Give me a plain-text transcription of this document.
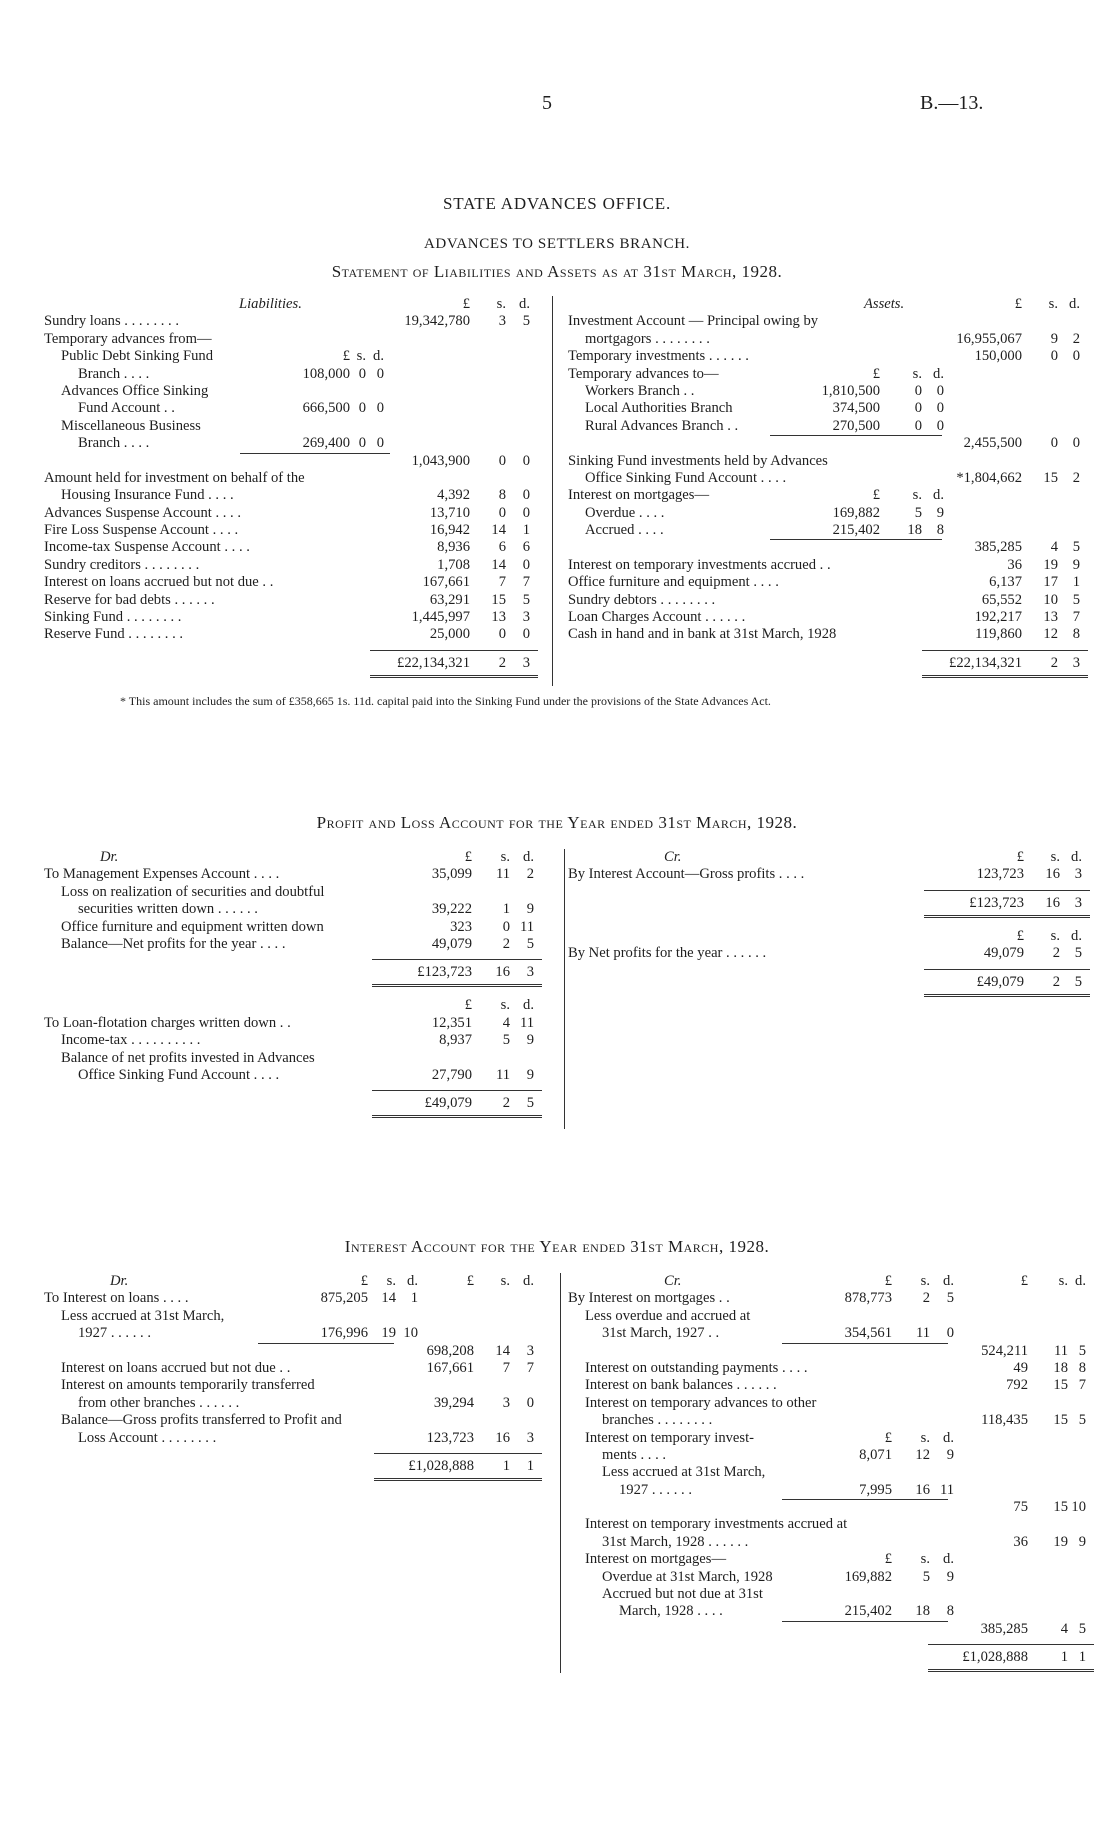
5	B.—13.
STATE ADVANCES OFFICE.
ADVANCES TO SETTLERS BRANCH.
Statement of Liabilities and Assets as at 31st March, 1928.
Liabilities.	£	s. d.
Sundry loans . . . . . . . .	19,342,780	3	5
Temporary advances from—
Public Debt Sinking Fund	£ s. d.
Branch . . . .	108,000 0 0
Advances Office Sinking
Fund Account . .	666,500 0 0
Miscellaneous Business
Branch . . . .	269,400 0 0
1,043,900	0	0
Amount held for investment on behalf of the
Housing Insurance Fund . . . .	4,392	8	0
Advances Suspense Account . . . .	13,710	0	0
Fire Loss Suspense Account . . . .	16,942	14	1
Income-tax Suspense Account . . . .	8,936	6	6
Sundry creditors . . . . . . . .	1,708	14	0
Interest on loans accrued but not due . .	167,661	7	7
Reserve for bad debts . . . . . .	63,291	15	5
Sinking Fund . . . . . . . .	1,445,997	13	3
Reserve Fund . . . . . . . .	25,000	0	0
£22,134,321	2	3
Assets.	£	s. d.
Investment Account — Principal owing by
mortgagors . . . . . . . .	16,955,067	9	2
Temporary investments . . . . . .	150,000	0	0
Temporary advances to—	£	s. d.
Workers Branch . .	1,810,500	0	0
Local Authorities Branch	374,500	0	0
Rural Advances Branch . .	270,500	0	0
2,455,500	0	0
Sinking Fund investments held by Advances
Office Sinking Fund Account . . . .	*1,804,662	15	2
Interest on mortgages—	£	s. d.
Overdue . . . .	169,882	5	9
Accrued . . . .	215,402	18	8
385,285	4	5
Interest on temporary investments accrued . .	36	19	9
Office furniture and equipment . . . .	6,137	17	1
Sundry debtors . . . . . . . .	65,552	10	5
Loan Charges Account . . . . . .	192,217	13	7
Cash in hand and in bank at 31st March, 1928	119,860	12	8
£22,134,321	2	3
* This amount includes the sum of £358,665 1s. 11d. capital paid into the Sinking Fund under the provisions of the State Advances Act.
Profit and Loss Account for the Year ended 31st March, 1928.
Dr.	£	s. d.
To Management Expenses Account . . . .	35,099	11	2
Loss on realization of securities and doubtful
securities written down . . . . . .	39,222	1	9
Office furniture and equipment written down	323	0 11
Balance—Net profits for the year . . . .	49,079	2	5
£123,723	16	3
£	s. d.
To Loan-flotation charges written down . .	12,351	4 11
Income-tax . . . . . . . . . .	8,937	5	9
Balance of net profits invested in Advances
Office Sinking Fund Account . . . .	27,790	11	9
£49,079	2	5
Cr.	£	s. d.
By Interest Account—Gross profits . . . .	123,723	16	3
£123,723	16	3
£	s. d.
By Net profits for the year . . . . . .	49,079	2	5
£49,079	2	5
Interest Account for the Year ended 31st March, 1928.
Dr.	£	s. d.
£	s. d.
To Interest on loans . . . .	875,205 14	1
Less accrued at 31st March,
1927 . . . . . .	176,996 19 10
698,208	14	3
Interest on loans accrued but not due . .	167,661	7	7
Interest on amounts temporarily transferred
from other branches . . . . . .	39,294	3	0
Balance—Gross profits transferred to Profit and
Loss Account . . . . . . . .	123,723	16	3
£1,028,888	1	1
Cr.	£	s. d.
£	s. d.
By Interest on mortgages . .	878,773	2	5
Less overdue and accrued at
31st March, 1927 . .	354,561	11	0
524,211	11 5
Interest on outstanding payments . . . .	49	18 8
Interest on bank balances . . . . . .	792	15 7
Interest on temporary advances to other
branches . . . . . . . .	118,435	15 5
Interest on temporary invest-	£	s. d.
ments . . . .	8,071	12	9
Less accrued at 31st March,
1927 . . . . . .	7,995	16 11
75	15 10
Interest on temporary investments accrued at
31st March, 1928 . . . . . .	36	19 9
Interest on mortgages—	£	s. d.
Overdue at 31st March, 1928	169,882	5	9
Accrued but not due at 31st
March, 1928 . . . .	215,402	18	8
385,285	4 5
£1,028,888	1 1
